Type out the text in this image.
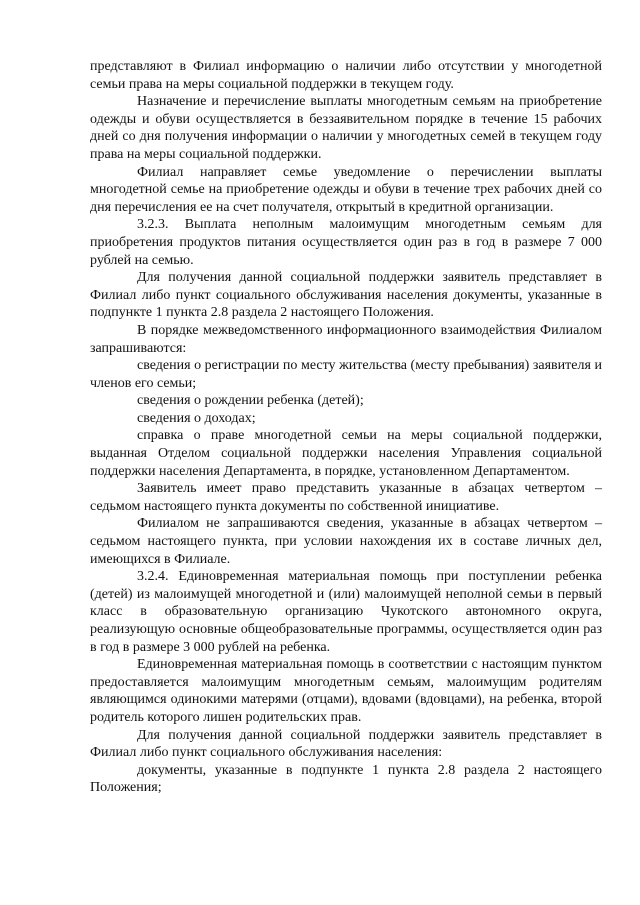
представляют в Филиал информацию о наличии либо отсутствии у многодетной семьи права на меры социальной поддержки в текущем году.

Назначение и перечисление выплаты многодетным семьям на приобретение одежды и обуви осуществляется в беззаявительном порядке в течение 15 рабочих дней со дня получения информации о наличии у многодетных семей в текущем году права на меры социальной поддержки.

Филиал направляет семье уведомление о перечислении выплаты многодетной семье на приобретение одежды и обуви в течение трех рабочих дней со дня перечисления ее на счет получателя, открытый в кредитной организации.

3.2.3. Выплата неполным малоимущим многодетным семьям для приобретения продуктов питания осуществляется один раз в год в размере 7 000 рублей на семью.

Для получения данной социальной поддержки заявитель представляет в Филиал либо пункт социального обслуживания населения документы, указанные в подпункте 1 пункта 2.8 раздела 2 настоящего Положения.

В порядке межведомственного информационного взаимодействия Филиалом запрашиваются:

сведения о регистрации по месту жительства (месту пребывания) заявителя и членов его семьи;

сведения о рождении ребенка (детей);

сведения о доходах;

справка о праве многодетной семьи на меры социальной поддержки, выданная Отделом социальной поддержки населения Управления социальной поддержки населения Департамента, в порядке, установленном Департаментом.

Заявитель имеет право представить указанные в абзацах четвертом – седьмом настоящего пункта документы по собственной инициативе.

Филиалом не запрашиваются сведения, указанные в абзацах четвертом – седьмом настоящего пункта, при условии нахождения их в составе личных дел, имеющихся в Филиале.

3.2.4. Единовременная материальная помощь при поступлении ребенка (детей) из малоимущей многодетной и (или) малоимущей неполной семьи в первый класс в образовательную организацию Чукотского автономного округа, реализующую основные общеобразовательные программы, осуществляется один раз в год в размере 3 000 рублей на ребенка.

Единовременная материальная помощь в соответствии с настоящим пунктом предоставляется малоимущим многодетным семьям, малоимущим родителям являющимся одинокими матерями (отцами), вдовами (вдовцами), на ребенка, второй родитель которого лишен родительских прав.

Для получения данной социальной поддержки заявитель представляет в Филиал либо пункт социального обслуживания населения:

документы, указанные в подпункте 1 пункта 2.8 раздела 2 настоящего Положения;
